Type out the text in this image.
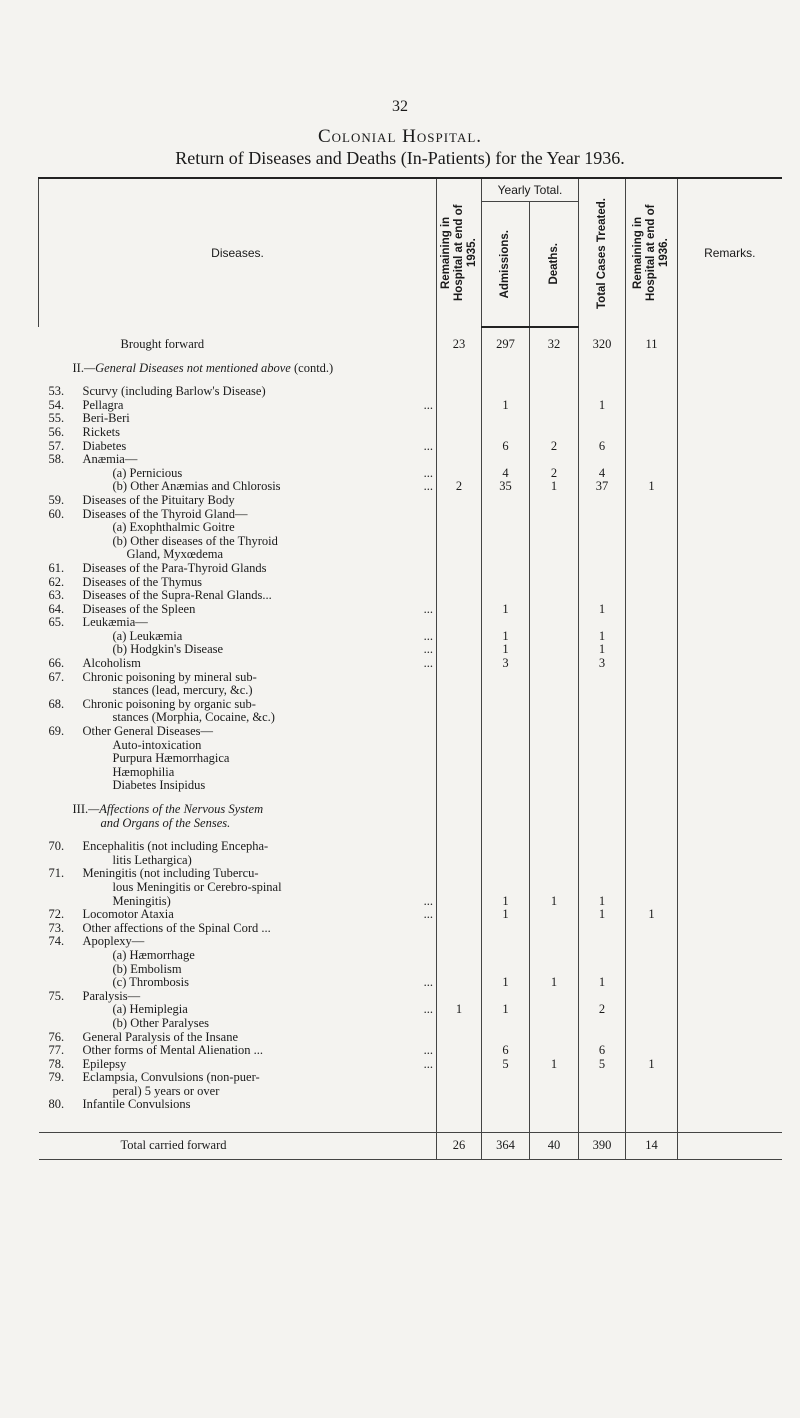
32
Colonial Hospital.
Return of Diseases and Deaths (In-Patients) for the Year 1936.
Diseases.	Remaining in Hospital at end of 1935.	Yearly Total.		Total Cases Treated.	Remaining in Hospital at end of 1936.	Remarks.

		Admissions.	Deaths.			

Brought forward	23	297	32	320	11	

II.—General Diseases not mentioned above (contd.)						

53. Scurvy (including Barlow's Disease)						

54. Pellagra ...		1		1		

55. Beri-Beri						

56. Rickets						

57. Diabetes ...		6	2	6		

58. Anæmia—						

(a) Pernicious ...		4	2	4		

(b) Other Anæmias and Chlorosis ...	2	35	1	37	1	

59. Diseases of the Pituitary Body						

60. Diseases of the Thyroid Gland—						

(a) Exophthalmic Goitre						

(b) Other diseases of the Thyroid						

Gland, Myxœdema						

61. Diseases of the Para-Thyroid Glands						

62. Diseases of the Thymus						

63. Diseases of the Supra-Renal Glands...						

64. Diseases of the Spleen ...		1		1		

65. Leukæmia—						

(a) Leukæmia ...		1		1		

(b) Hodgkin's Disease ...		1		1		

66. Alcoholism ...		3		3		

67. Chronic poisoning by mineral sub-						

stances (lead, mercury, &c.)						

68. Chronic poisoning by organic sub-						

stances (Morphia, Cocaine, &c.)						

69. Other General Diseases—						

Auto-intoxication						

Purpura Hæmorrhagica						

Hæmophilia						

Diabetes Insipidus						

III.—Affections of the Nervous System						

and Organs of the Senses.						

70. Encephalitis (not including Encepha-						

litis Lethargica)						

71. Meningitis (not including Tubercu-						

lous Meningitis or Cerebro-spinal						

Meningitis) ...		1	1	1		

72. Locomotor Ataxia ...		1		1	1	

73. Other affections of the Spinal Cord ...						

74. Apoplexy—						

(a) Hæmorrhage						

(b) Embolism						

(c) Thrombosis ...		1	1	1		

75. Paralysis—						

(a) Hemiplegia ...	1	1		2		

(b) Other Paralyses						

76. General Paralysis of the Insane						

77. Other forms of Mental Alienation ... ...		6		6		

78. Epilepsy ...		5	1	5	1	

79. Eclampsia, Convulsions (non-puer-						

peral) 5 years or over						

80. Infantile Convulsions						

Total carried forward	26	364	40	390	14	
